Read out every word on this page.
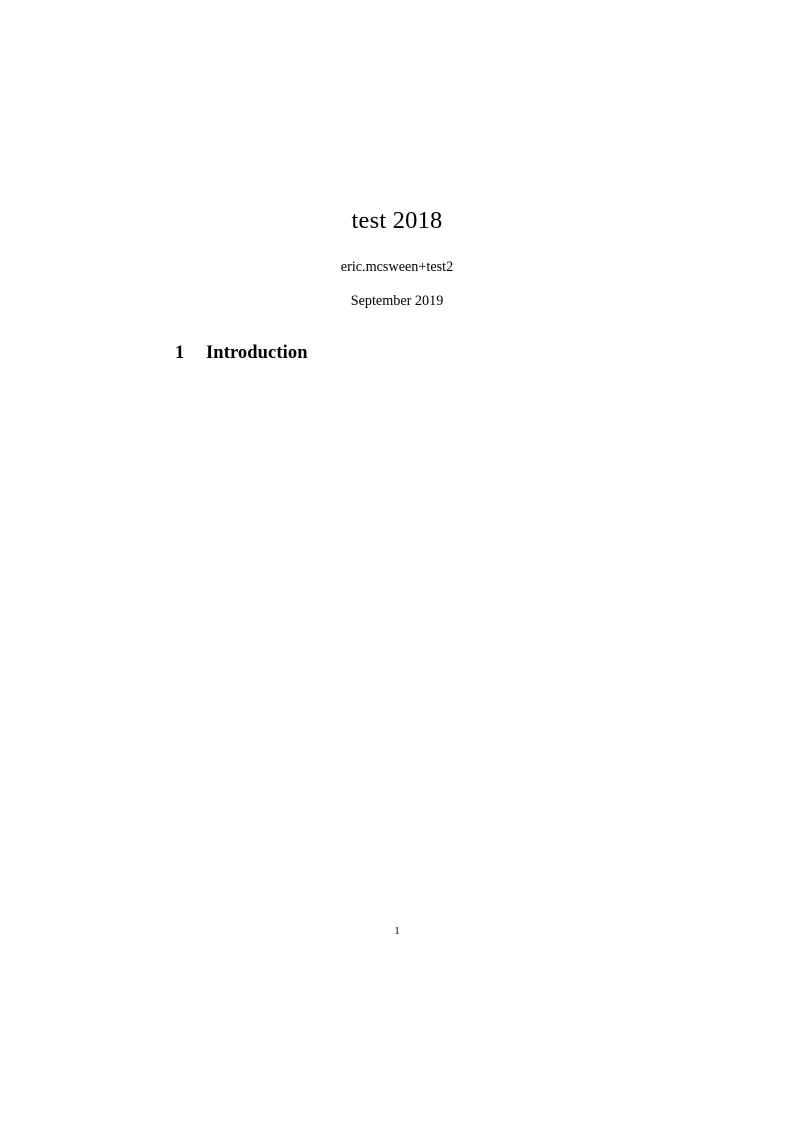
test 2018

eric.mcsween+test2

September 2019

1 Introduction
1
